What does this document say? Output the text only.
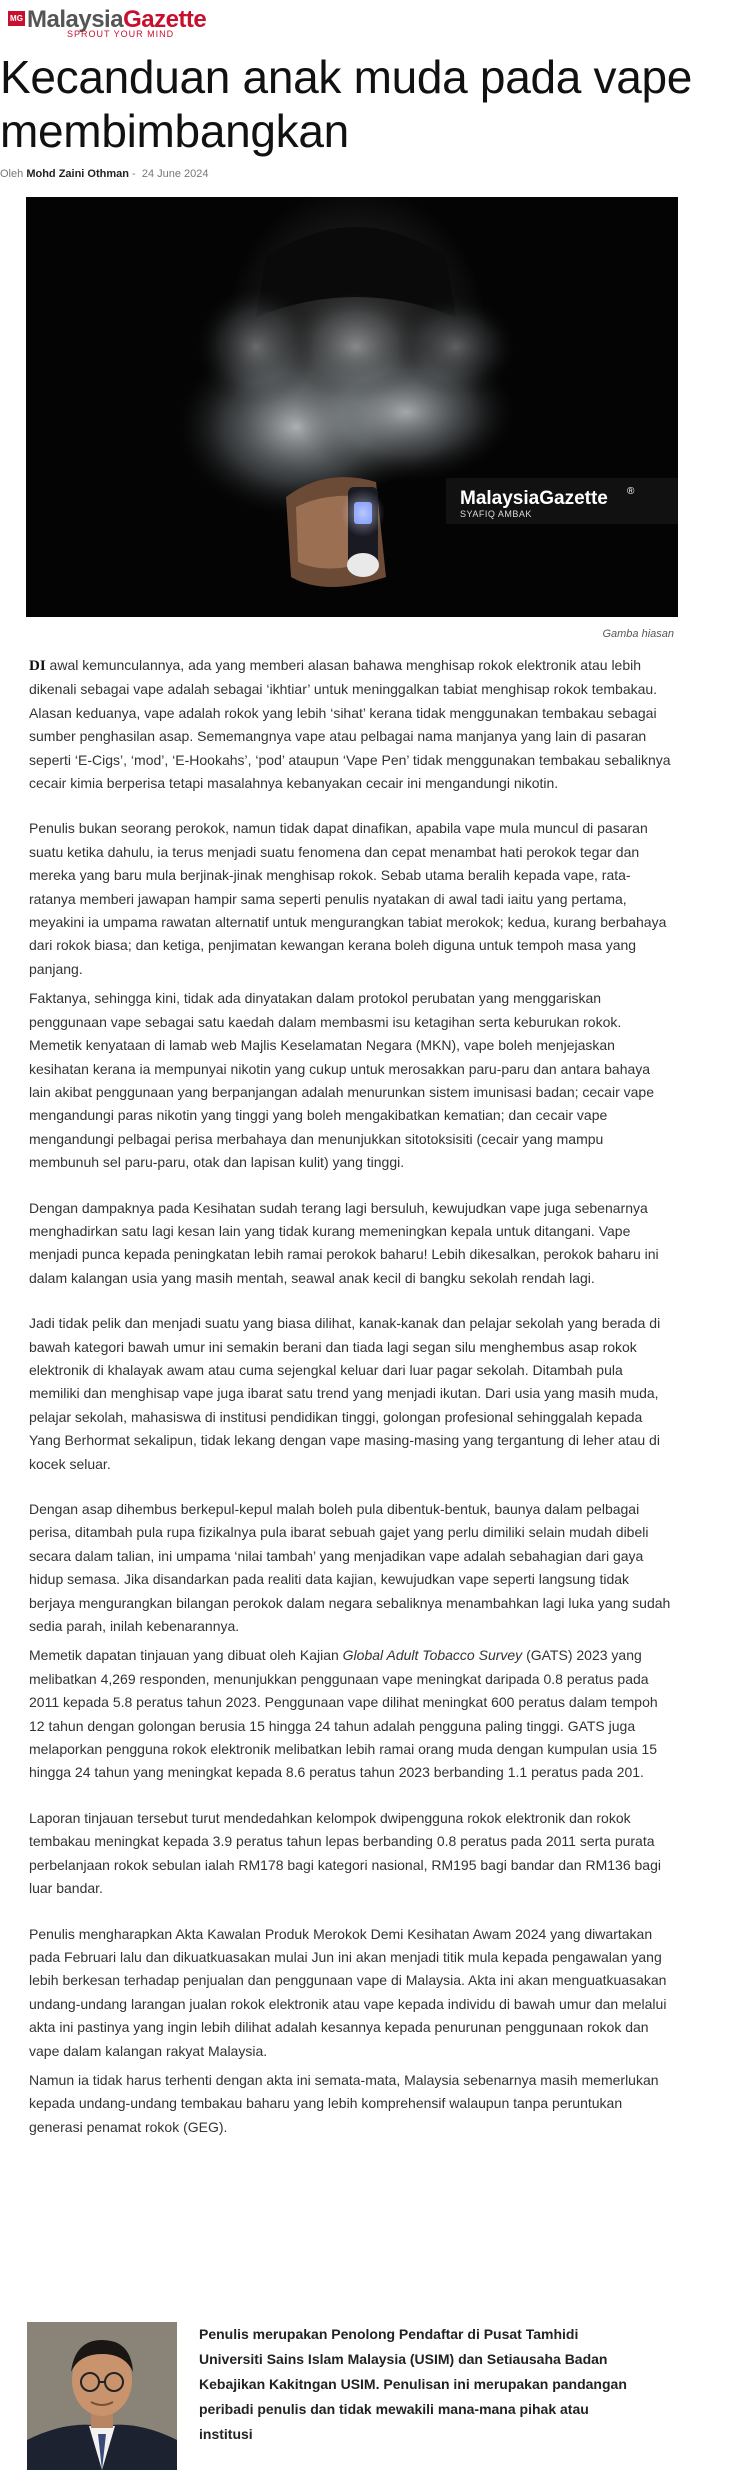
MG MalaysiaGazette
SPROUT YOUR MIND
Kecanduan anak muda pada vape membimbangkan
Oleh Mohd Zaini Othman - 24 June 2024
MalaysiaGazette ®
SYAFIQ AMBAK
Gamba hiasan

DI awal kemunculannya, ada yang memberi alasan bahawa menghisap rokok elektronik atau lebih dikenali sebagai vape adalah sebagai ‘ikhtiar’ untuk meninggalkan tabiat menghisap rokok tembakau. Alasan keduanya, vape adalah rokok yang lebih ‘sihat’ kerana tidak menggunakan tembakau sebagai sumber penghasilan asap. Sememangnya vape atau pelbagai nama manjanya yang lain di pasaran seperti ‘E-Cigs’, ‘mod’, ‘E-Hookahs’, ‘pod’ ataupun ‘Vape Pen’ tidak menggunakan tembakau sebaliknya cecair kimia berperisa tetapi masalahnya kebanyakan cecair ini mengandungi nikotin.

Penulis bukan seorang perokok, namun tidak dapat dinafikan, apabila vape mula muncul di pasaran suatu ketika dahulu, ia terus menjadi suatu fenomena dan cepat menambat hati perokok tegar dan mereka yang baru mula berjinak-jinak menghisap rokok. Sebab utama beralih kepada vape, rata-ratanya memberi jawapan hampir sama seperti penulis nyatakan di awal tadi iaitu yang pertama, meyakini ia umpama rawatan alternatif untuk mengurangkan tabiat merokok; kedua, kurang berbahaya dari rokok biasa; dan ketiga, penjimatan kewangan kerana boleh diguna untuk tempoh masa yang panjang.

Faktanya, sehingga kini, tidak ada dinyatakan dalam protokol perubatan yang menggariskan penggunaan vape sebagai satu kaedah dalam membasmi isu ketagihan serta keburukan rokok. Memetik kenyataan di lamab web Majlis Keselamatan Negara (MKN), vape boleh menjejaskan kesihatan kerana ia mempunyai nikotin yang cukup untuk merosakkan paru-paru dan antara bahaya lain akibat penggunaan yang berpanjangan adalah menurunkan sistem imunisasi badan; cecair vape mengandungi paras nikotin yang tinggi yang boleh mengakibatkan kematian; dan cecair vape mengandungi pelbagai perisa merbahaya dan menunjukkan sitotoksisiti (cecair yang mampu membunuh sel paru-paru, otak dan lapisan kulit) yang tinggi.

Dengan dampaknya pada Kesihatan sudah terang lagi bersuluh, kewujudkan vape juga sebenarnya menghadirkan satu lagi kesan lain yang tidak kurang memeningkan kepala untuk ditangani. Vape menjadi punca kepada peningkatan lebih ramai perokok baharu! Lebih dikesalkan, perokok baharu ini dalam kalangan usia yang masih mentah, seawal anak kecil di bangku sekolah rendah lagi.

Jadi tidak pelik dan menjadi suatu yang biasa dilihat, kanak-kanak dan pelajar sekolah yang berada di bawah kategori bawah umur ini semakin berani dan tiada lagi segan silu menghembus asap rokok elektronik di khalayak awam atau cuma sejengkal keluar dari luar pagar sekolah. Ditambah pula memiliki dan menghisap vape juga ibarat satu trend yang menjadi ikutan. Dari usia yang masih muda, pelajar sekolah, mahasiswa di institusi pendidikan tinggi, golongan profesional sehinggalah kepada Yang Berhormat sekalipun, tidak lekang dengan vape masing-masing yang tergantung di leher atau di kocek seluar.

Dengan asap dihembus berkepul-kepul malah boleh pula dibentuk-bentuk, baunya dalam pelbagai perisa, ditambah pula rupa fizikalnya pula ibarat sebuah gajet yang perlu dimiliki selain mudah dibeli secara dalam talian, ini umpama ‘nilai tambah’ yang menjadikan vape adalah sebahagian dari gaya hidup semasa. Jika disandarkan pada realiti data kajian, kewujudkan vape seperti langsung tidak berjaya mengurangkan bilangan perokok dalam negara sebaliknya menambahkan lagi luka yang sudah sedia parah, inilah kebenarannya.

Memetik dapatan tinjauan yang dibuat oleh Kajian Global Adult Tobacco Survey (GATS) 2023 yang melibatkan 4,269 responden, menunjukkan penggunaan vape meningkat daripada 0.8 peratus pada 2011 kepada 5.8 peratus tahun 2023. Penggunaan vape dilihat meningkat 600 peratus dalam tempoh 12 tahun dengan golongan berusia 15 hingga 24 tahun adalah pengguna paling tinggi. GATS juga melaporkan pengguna rokok elektronik melibatkan lebih ramai orang muda dengan kumpulan usia 15 hingga 24 tahun yang meningkat kepada 8.6 peratus tahun 2023 berbanding 1.1 peratus pada 201.

Laporan tinjauan tersebut turut mendedahkan kelompok dwipengguna rokok elektronik dan rokok tembakau meningkat kepada 3.9 peratus tahun lepas berbanding 0.8 peratus pada 2011 serta purata perbelanjaan rokok sebulan ialah RM178 bagi kategori nasional, RM195 bagi bandar dan RM136 bagi luar bandar.

Penulis mengharapkan Akta Kawalan Produk Merokok Demi Kesihatan Awam 2024 yang diwartakan pada Februari lalu dan dikuatkuasakan mulai Jun ini akan menjadi titik mula kepada pengawalan yang lebih berkesan terhadap penjualan dan penggunaan vape di Malaysia. Akta ini akan menguatkuasakan undang-undang larangan jualan rokok elektronik atau vape kepada individu di bawah umur dan melalui akta ini pastinya yang ingin lebih dilihat adalah kesannya kepada penurunan penggunaan rokok dan vape dalam kalangan rakyat Malaysia.

Namun ia tidak harus terhenti dengan akta ini semata-mata, Malaysia sebenarnya masih memerlukan kepada undang-undang tembakau baharu yang lebih komprehensif walaupun tanpa peruntukan generasi penamat rokok (GEG).

Penulis merupakan Penolong Pendaftar di Pusat Tamhidi Universiti Sains Islam Malaysia (USIM) dan Setiausaha Badan Kebajikan Kakitngan USIM. Penulisan ini merupakan pandangan peribadi penulis dan tidak mewakili mana-mana pihak atau institusi
